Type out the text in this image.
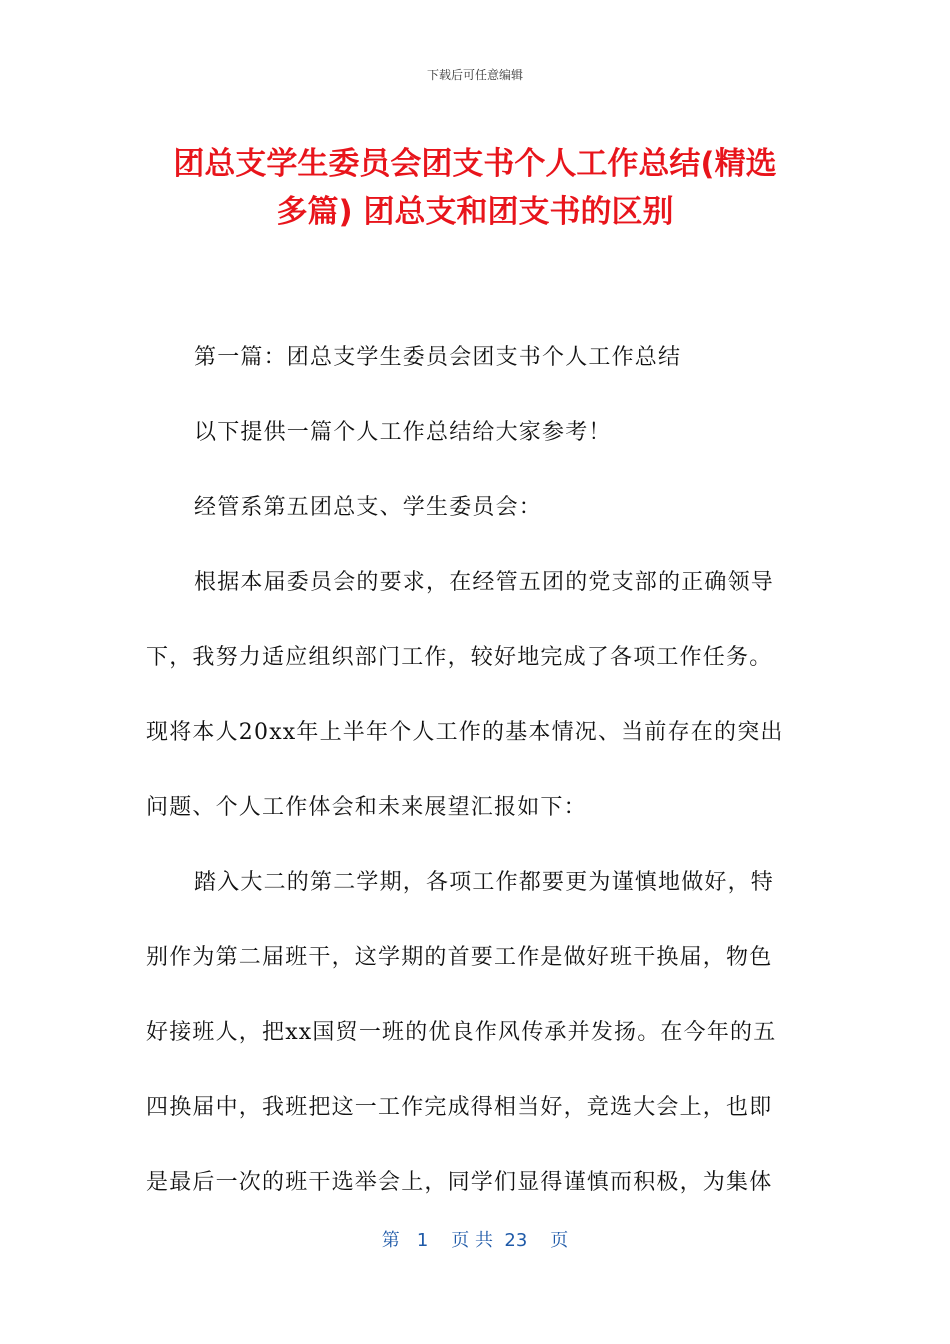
下载后可任意编辑
团总支学生委员会团支书个人工作总结(精选
多篇) 团总支和团支书的区别
第一篇：团总支学生委员会团支书个人工作总结
以下提供一篇个人工作总结给大家参考！
经管系第五团总支、学生委员会：
根据本届委员会的要求，在经管五团的党支部的正确领导
下，我努力适应组织部门工作，较好地完成了各项工作任务。
现将本人20xx年上半年个人工作的基本情况、当前存在的突出
问题、个人工作体会和未来展望汇报如下：
踏入大二的第二学期，各项工作都要更为谨慎地做好，特
别作为第二届班干，这学期的首要工作是做好班干换届，物色
好接班人，把xx国贸一班的优良作风传承并发扬。在今年的五
四换届中，我班把这一工作完成得相当好，竞选大会上，也即
是最后一次的班干选举会上，同学们显得谨慎而积极，为集体
第   1    页 共  23    页
